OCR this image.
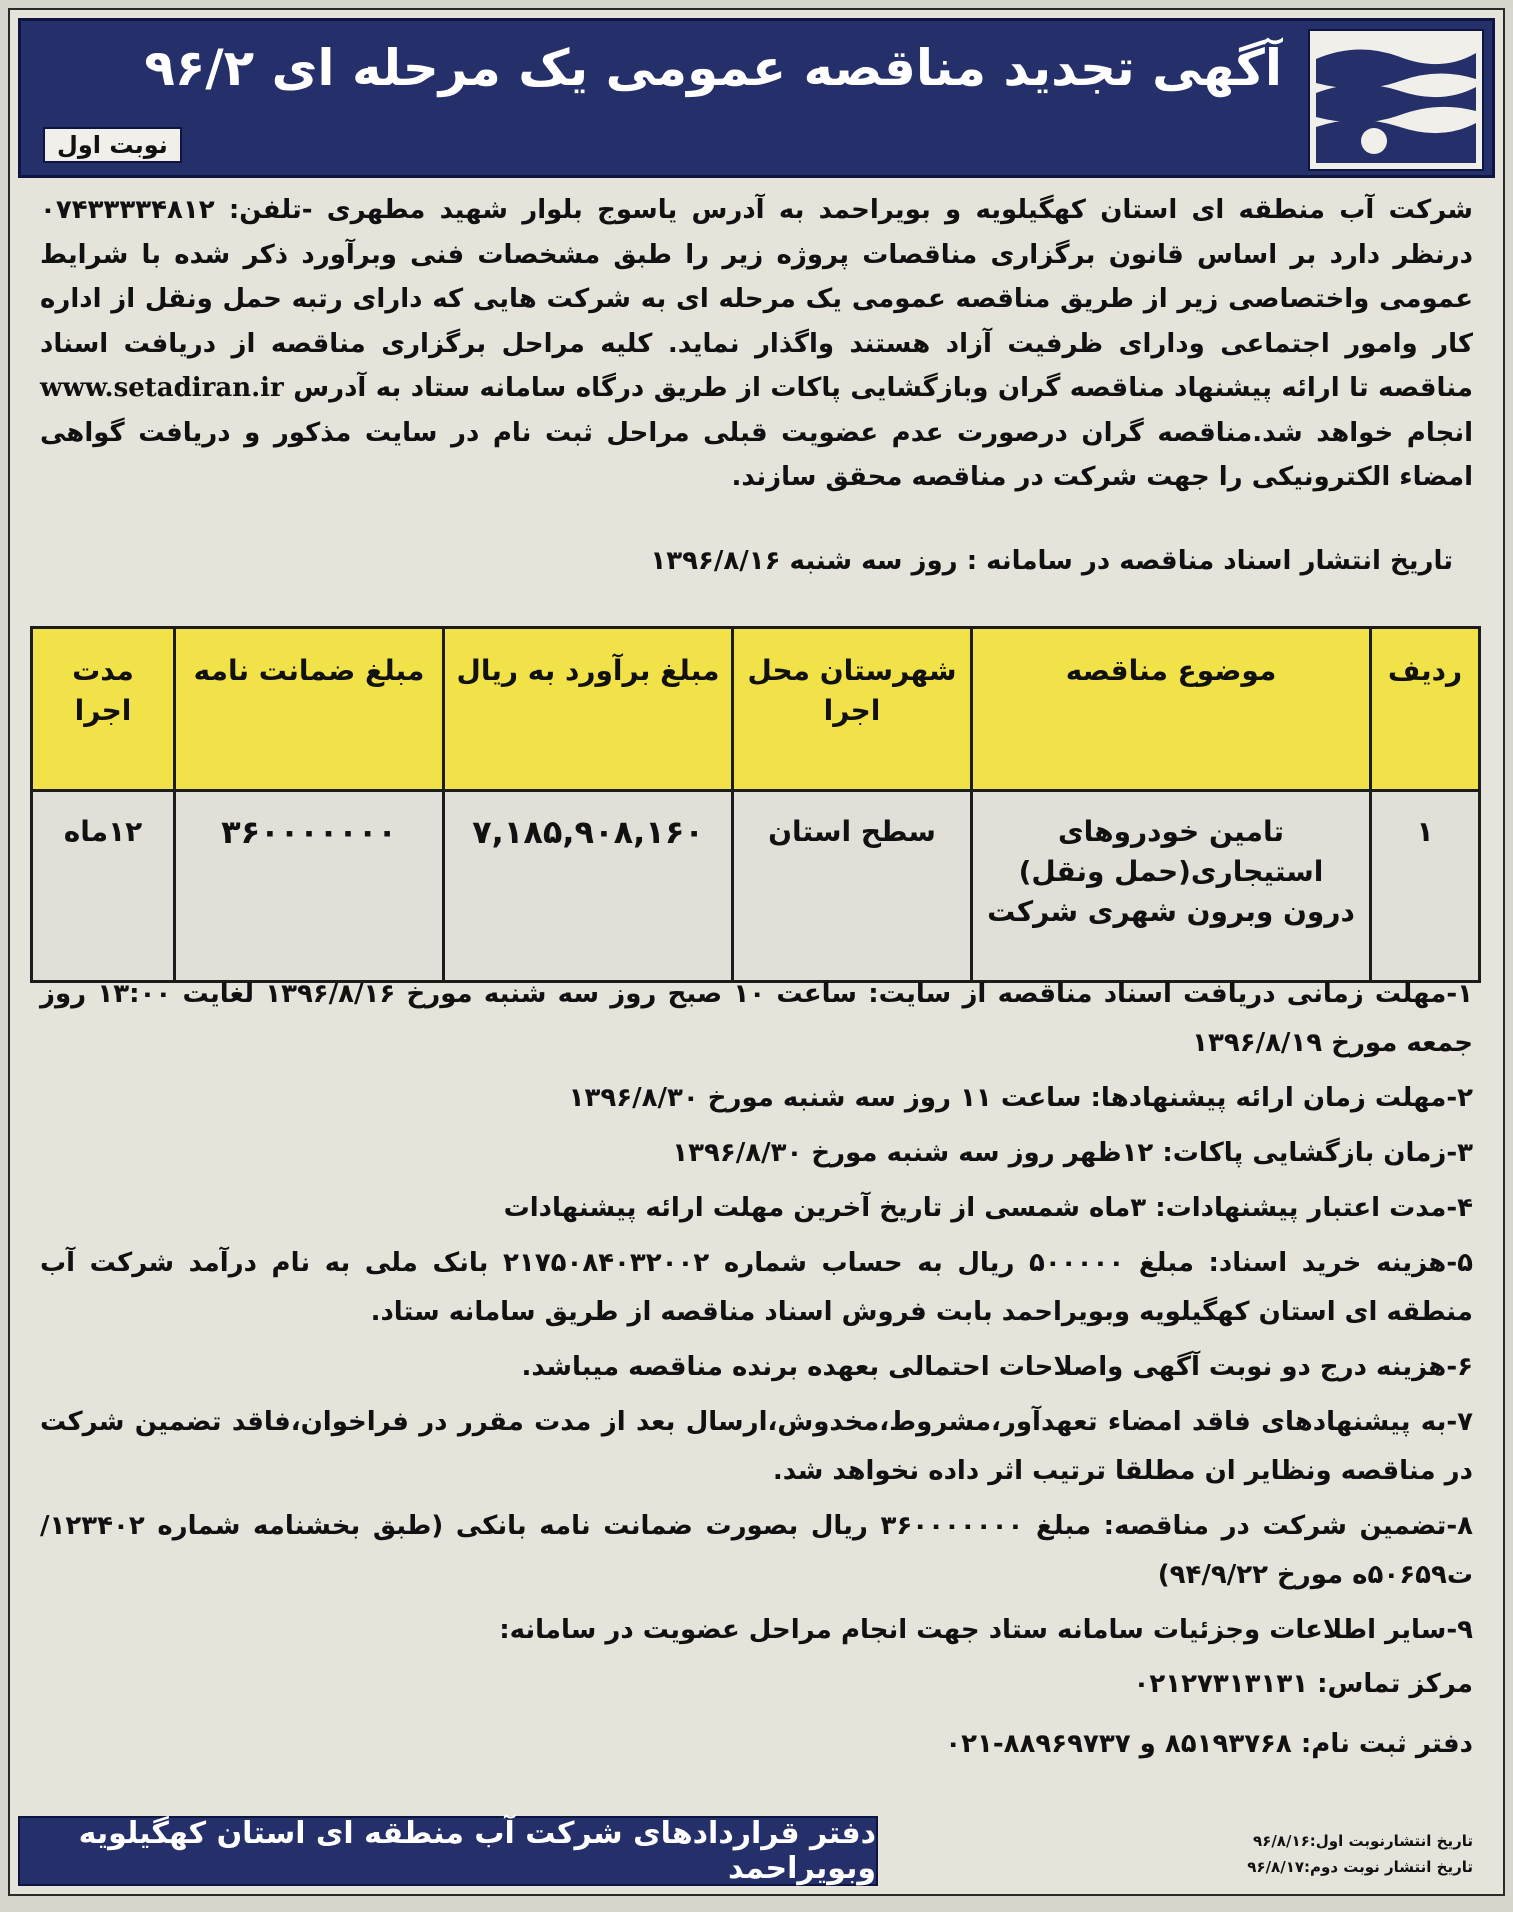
آگهی تجدید مناقصه عمومی یک مرحله ای ۹۶/۲
نوبت اول
شرکت آب منطقه ای استان کهگیلویه و بویراحمد به آدرس یاسوج بلوار شهید مطهری -تلفن: ۰۷۴۳۳۳۳۴۸۱۲ درنظر دارد بر اساس قانون برگزاری مناقصات پروژه زیر را طبق مشخصات فنی وبرآورد ذکر شده با شرایط عمومی واختصاصی زیر از طریق مناقصه عمومی یک مرحله ای به شرکت هایی که دارای رتبه حمل ونقل از اداره کار وامور اجتماعی ودارای ظرفیت آزاد هستند واگذار نماید. کلیه مراحل برگزاری مناقصه از دریافت اسناد مناقصه تا ارائه پیشنهاد مناقصه گران وبازگشایی پاکات از طریق درگاه سامانه ستاد به آدرس www.setadiran.ir انجام خواهد شد.مناقصه گران درصورت عدم عضویت قبلی مراحل ثبت نام در سایت مذکور و دریافت گواهی امضاء الکترونیکی را جهت شرکت در مناقصه محقق سازند.
تاریخ انتشار اسناد مناقصه در سامانه : روز سه شنبه ۱۳۹۶/۸/۱۶
ردیف	موضوع مناقصه	شهرستان محل اجرا	مبلغ برآورد به ریال	مبلغ ضمانت نامه	مدت اجرا
۱	تامین خودروهای استیجاری(حمل ونقل) درون وبرون شهری شرکت	سطح استان	۷,۱۸۵,۹۰۸,۱۶۰	۳۶۰۰۰۰۰۰۰	۱۲ماه
۱-مهلت زمانی دریافت اسناد مناقصه از سایت: ساعت ۱۰ صبح روز سه شنبه مورخ ۱۳۹۶/۸/۱۶ لغایت ۱۳:۰۰ روز جمعه مورخ ۱۳۹۶/۸/۱۹
۲-مهلت زمان ارائه پیشنهادها: ساعت ۱۱ روز سه شنبه مورخ ۱۳۹۶/۸/۳۰
۳-زمان بازگشایی پاکات: ۱۲ظهر روز سه شنبه مورخ ۱۳۹۶/۸/۳۰
۴-مدت اعتبار پیشنهادات: ۳ماه شمسی از تاریخ آخرین مهلت ارائه پیشنهادات
۵-هزینه خرید اسناد: مبلغ ۵۰۰۰۰۰ ریال به حساب شماره ۲۱۷۵۰۸۴۰۳۲۰۰۲ بانک ملی به نام درآمد شرکت آب منطقه ای استان کهگیلویه وبویراحمد بابت فروش اسناد مناقصه از طریق سامانه ستاد.
۶-هزینه درج دو نوبت آگهی واصلاحات احتمالی بعهده برنده مناقصه میباشد.
۷-به پیشنهادهای فاقد امضاء تعهدآور،مشروط،مخدوش،ارسال بعد از مدت مقرر در فراخوان،فاقد تضمین شرکت در مناقصه ونظایر ان مطلقا ترتیب اثر داده نخواهد شد.
۸-تضمین شرکت در مناقصه: مبلغ ۳۶۰۰۰۰۰۰۰ ریال بصورت ضمانت نامه بانکی (طبق بخشنامه شماره ۱۲۳۴۰۲/ت۵۰۶۵۹ه مورخ ۹۴/۹/۲۲)
۹-سایر اطلاعات وجزئیات سامانه ستاد جهت انجام مراحل عضویت در سامانه:
مرکز تماس: ۰۲۱۲۷۳۱۳۱۳۱
دفتر ثبت نام: ۸۵۱۹۳۷۶۸ و ۸۸۹۶۹۷۳۷-۰۲۱
تاریخ انتشارنوبت اول:۹۶/۸/۱۶
تاریخ انتشار نوبت دوم:۹۶/۸/۱۷
دفتر قراردادهای شرکت آب منطقه ای استان کهگیلویه وبویراحمد
